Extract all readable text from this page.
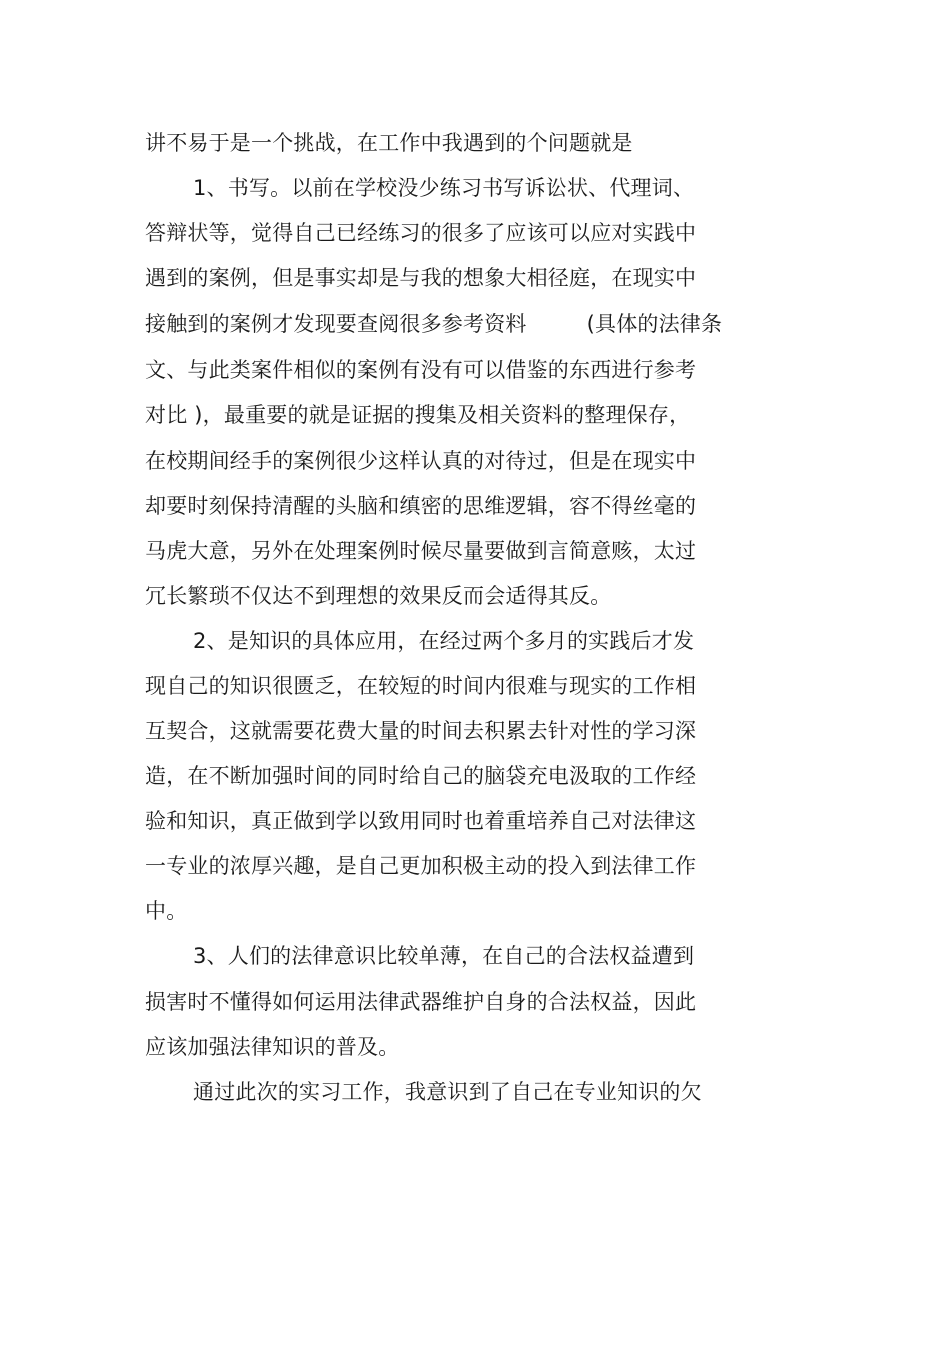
讲不易于是一个挑战，在工作中我遇到的个问题就是
1、书写。以前在学校没少练习书写诉讼状、代理词、
答辩状等，觉得自己已经练习的很多了应该可以应对实践中
遇到的案例，但是事实却是与我的想象大相径庭，在现实中
接触到的案例才发现要查阅很多参考资料	(具体的法律条
文、与此类案件相似的案例有没有可以借鉴的东西进行参考
对比 )，最重要的就是证据的搜集及相关资料的整理保存，
在校期间经手的案例很少这样认真的对待过，但是在现实中
却要时刻保持清醒的头脑和缜密的思维逻辑，容不得丝毫的
马虎大意，另外在处理案例时候尽量要做到言简意赅，太过
冗长繁琐不仅达不到理想的效果反而会适得其反。
2、是知识的具体应用，在经过两个多月的实践后才发
现自己的知识很匮乏，在较短的时间内很难与现实的工作相
互契合，这就需要花费大量的时间去积累去针对性的学习深
造，在不断加强时间的同时给自己的脑袋充电汲取的工作经
验和知识，真正做到学以致用同时也着重培养自己对法律这
一专业的浓厚兴趣，是自己更加积极主动的投入到法律工作
中。
3、人们的法律意识比较单薄，在自己的合法权益遭到
损害时不懂得如何运用法律武器维护自身的合法权益，因此
应该加强法律知识的普及。
通过此次的实习工作，我意识到了自己在专业知识的欠
